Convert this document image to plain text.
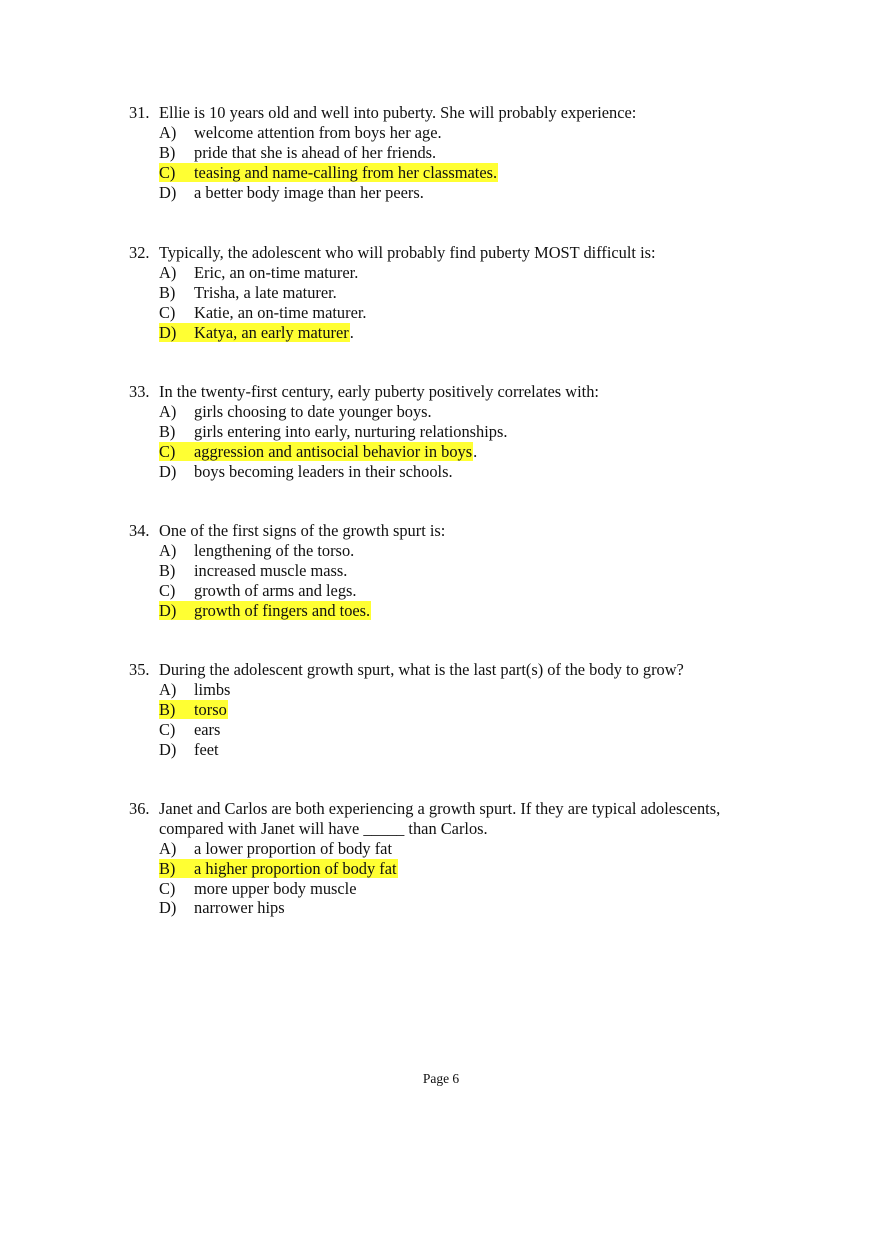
31. Ellie is 10 years old and well into puberty. She will probably experience:
A) welcome attention from boys her age.
B) pride that she is ahead of her friends.
C) teasing and name-calling from her classmates.
D) a better body image than her peers.
32. Typically, the adolescent who will probably find puberty MOST difficult is:
A) Eric, an on-time maturer.
B) Trisha, a late maturer.
C) Katie, an on-time maturer.
D) Katya, an early maturer.
33. In the twenty-first century, early puberty positively correlates with:
A) girls choosing to date younger boys.
B) girls entering into early, nurturing relationships.
C) aggression and antisocial behavior in boys.
D) boys becoming leaders in their schools.
34. One of the first signs of the growth spurt is:
A) lengthening of the torso.
B) increased muscle mass.
C) growth of arms and legs.
D) growth of fingers and toes.
35. During the adolescent growth spurt, what is the last part(s) of the body to grow?
A) limbs
B) torso
C) ears
D) feet
36. Janet and Carlos are both experiencing a growth spurt. If they are typical adolescents,
compared with Janet will have _____ than Carlos.
A) a lower proportion of body fat
B) a higher proportion of body fat
C) more upper body muscle
D) narrower hips
Page 6
